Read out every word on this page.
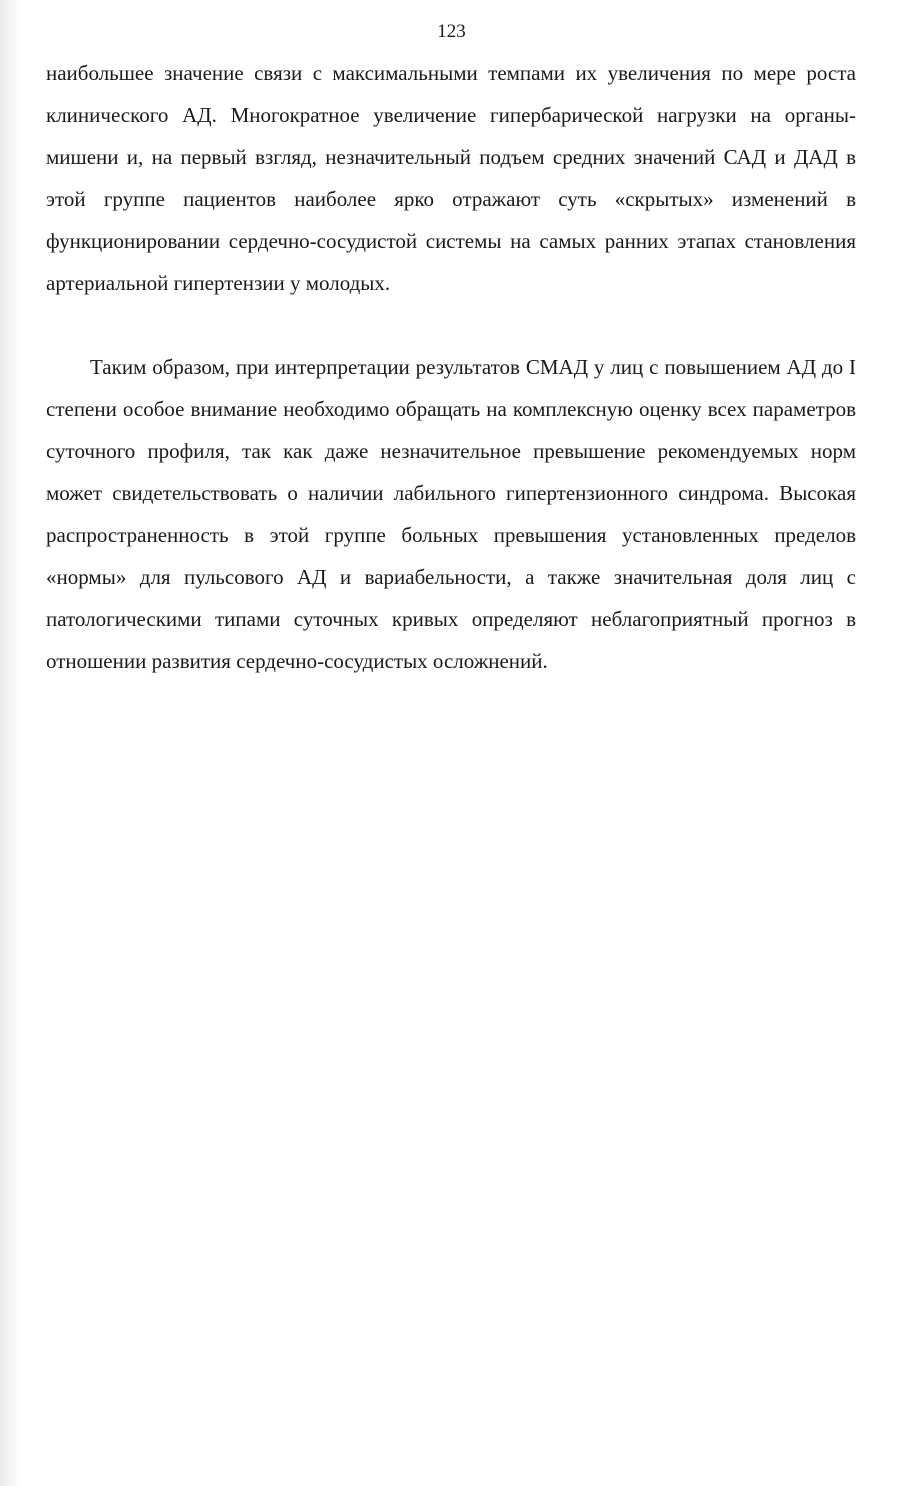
123

наибольшее значение связи с максимальными темпами их увеличения по мере роста клинического АД. Многократное увеличение гипербарической нагрузки на органы-мишени и, на первый взгляд, незначительный подъем средних значений САД и ДАД в этой группе пациентов наиболее ярко отражают суть «скрытых» изменений в функционировании сердечно-сосудистой системы на самых ранних этапах становления артериальной гипертензии у молодых.

Таким образом, при интерпретации результатов СМАД у лиц с повышением АД до I степени особое внимание необходимо обращать на комплексную оценку всех параметров суточного профиля, так как даже незначительное превышение рекомендуемых норм может свидетельствовать о наличии лабильного гипертензионного синдрома. Высокая распространенность в этой группе больных превышения установленных пределов «нормы» для пульсового АД и вариабельности, а также значительная доля лиц с патологическими типами суточных кривых определяют неблагоприятный прогноз в отношении развития сердечно-сосудистых осложнений.
